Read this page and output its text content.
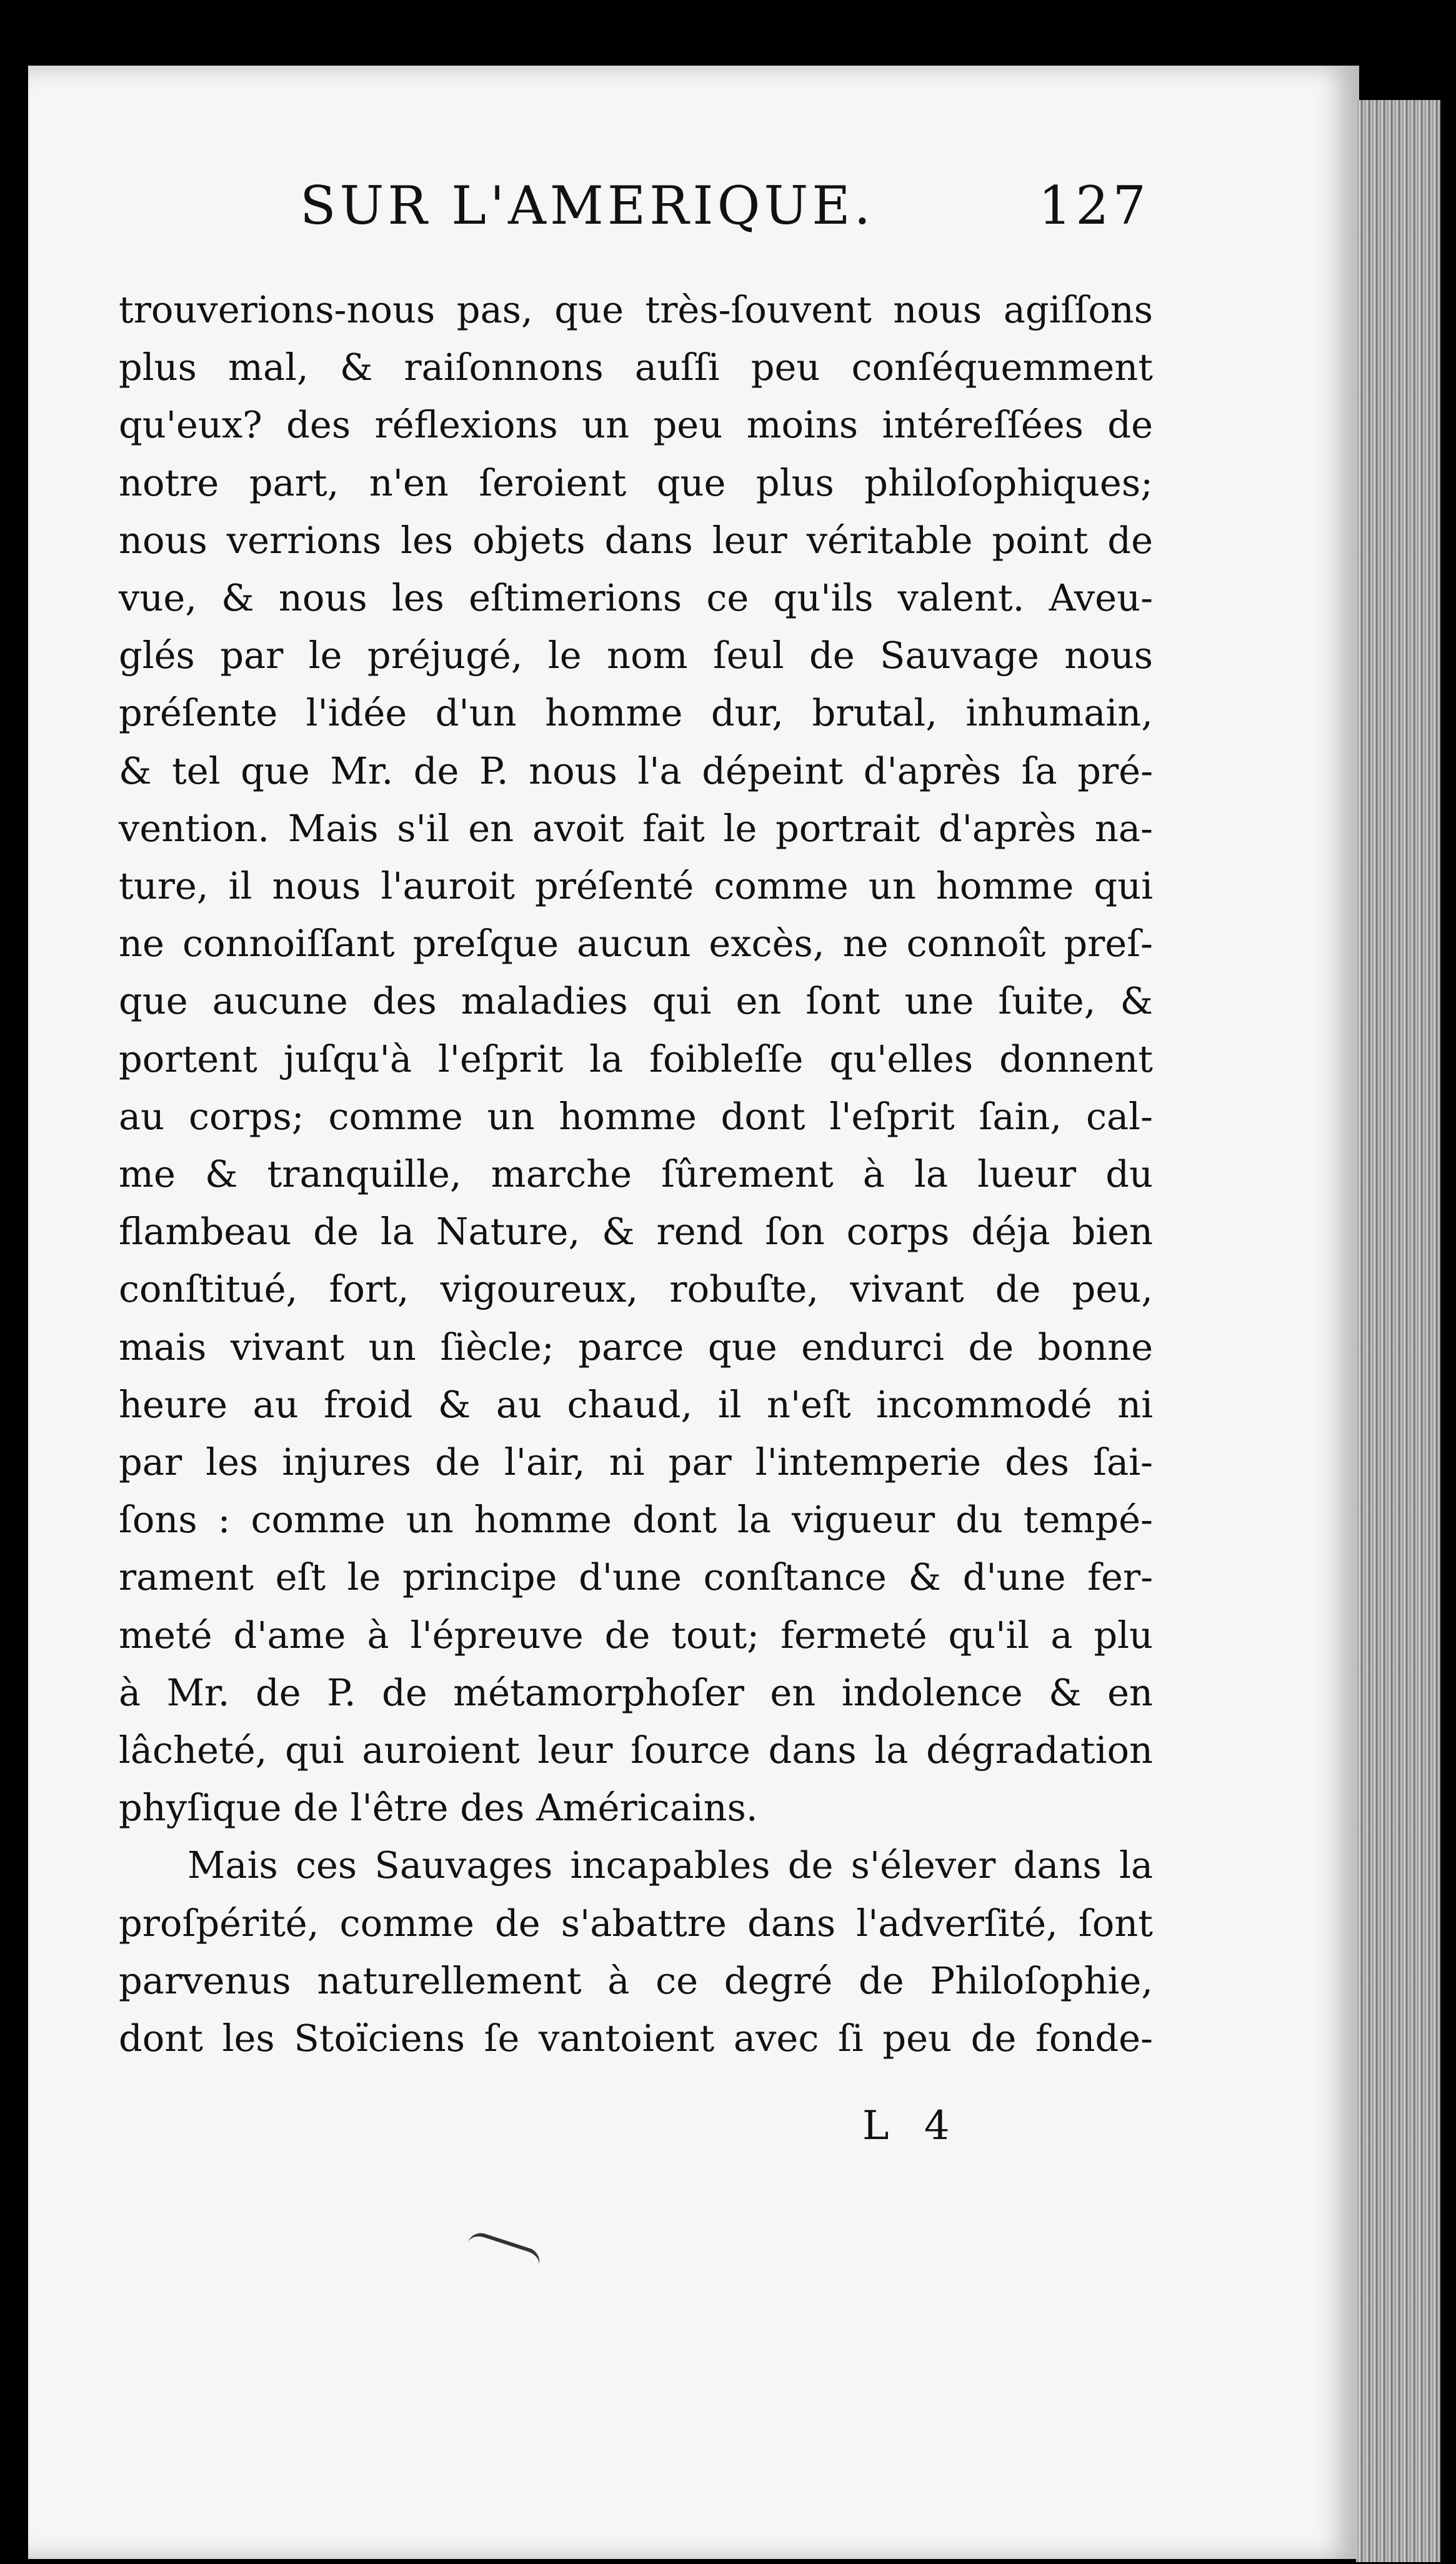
SUR L'AMERIQUE.	127
trouverions-nous pas, que très-ſouvent nous agiſſons
plus mal, & raiſonnons auſſi peu conſéquemment
qu'eux? des réflexions un peu moins intéreſſées de
notre part, n'en ſeroient que plus philoſophiques;
nous verrions les objets dans leur véritable point de
vue, & nous les eſtimerions ce qu'ils valent. Aveu-
glés par le préjugé, le nom ſeul de Sauvage nous
préſente l'idée d'un homme dur, brutal, inhumain,
& tel que Mr. de P. nous l'a dépeint d'après ſa pré-
vention. Mais s'il en avoit fait le portrait d'après na-
ture, il nous l'auroit préſenté comme un homme qui
ne connoiſſant preſque aucun excès, ne connoît preſ-
que aucune des maladies qui en ſont une ſuite, &
portent juſqu'à l'eſprit la foibleſſe qu'elles donnent
au corps; comme un homme dont l'eſprit ſain, cal-
me & tranquille, marche ſûrement à la lueur du
flambeau de la Nature, & rend ſon corps déja bien
conſtitué, fort, vigoureux, robuſte, vivant de peu,
mais vivant un ſiècle; parce que endurci de bonne
heure au froid & au chaud, il n'eſt incommodé ni
par les injures de l'air, ni par l'intemperie des ſai-
ſons : comme un homme dont la vigueur du tempé-
rament eſt le principe d'une conſtance & d'une fer-
meté d'ame à l'épreuve de tout; fermeté qu'il a plu
à Mr. de P. de métamorphoſer en indolence & en
lâcheté, qui auroient leur ſource dans la dégradation
phyſique de l'être des Américains.
Mais ces Sauvages incapables de s'élever dans la
proſpérité, comme de s'abattre dans l'adverſité, ſont
parvenus naturellement à ce degré de Philoſophie,
dont les Stoïciens ſe vantoient avec ſi peu de fonde-
L 4
